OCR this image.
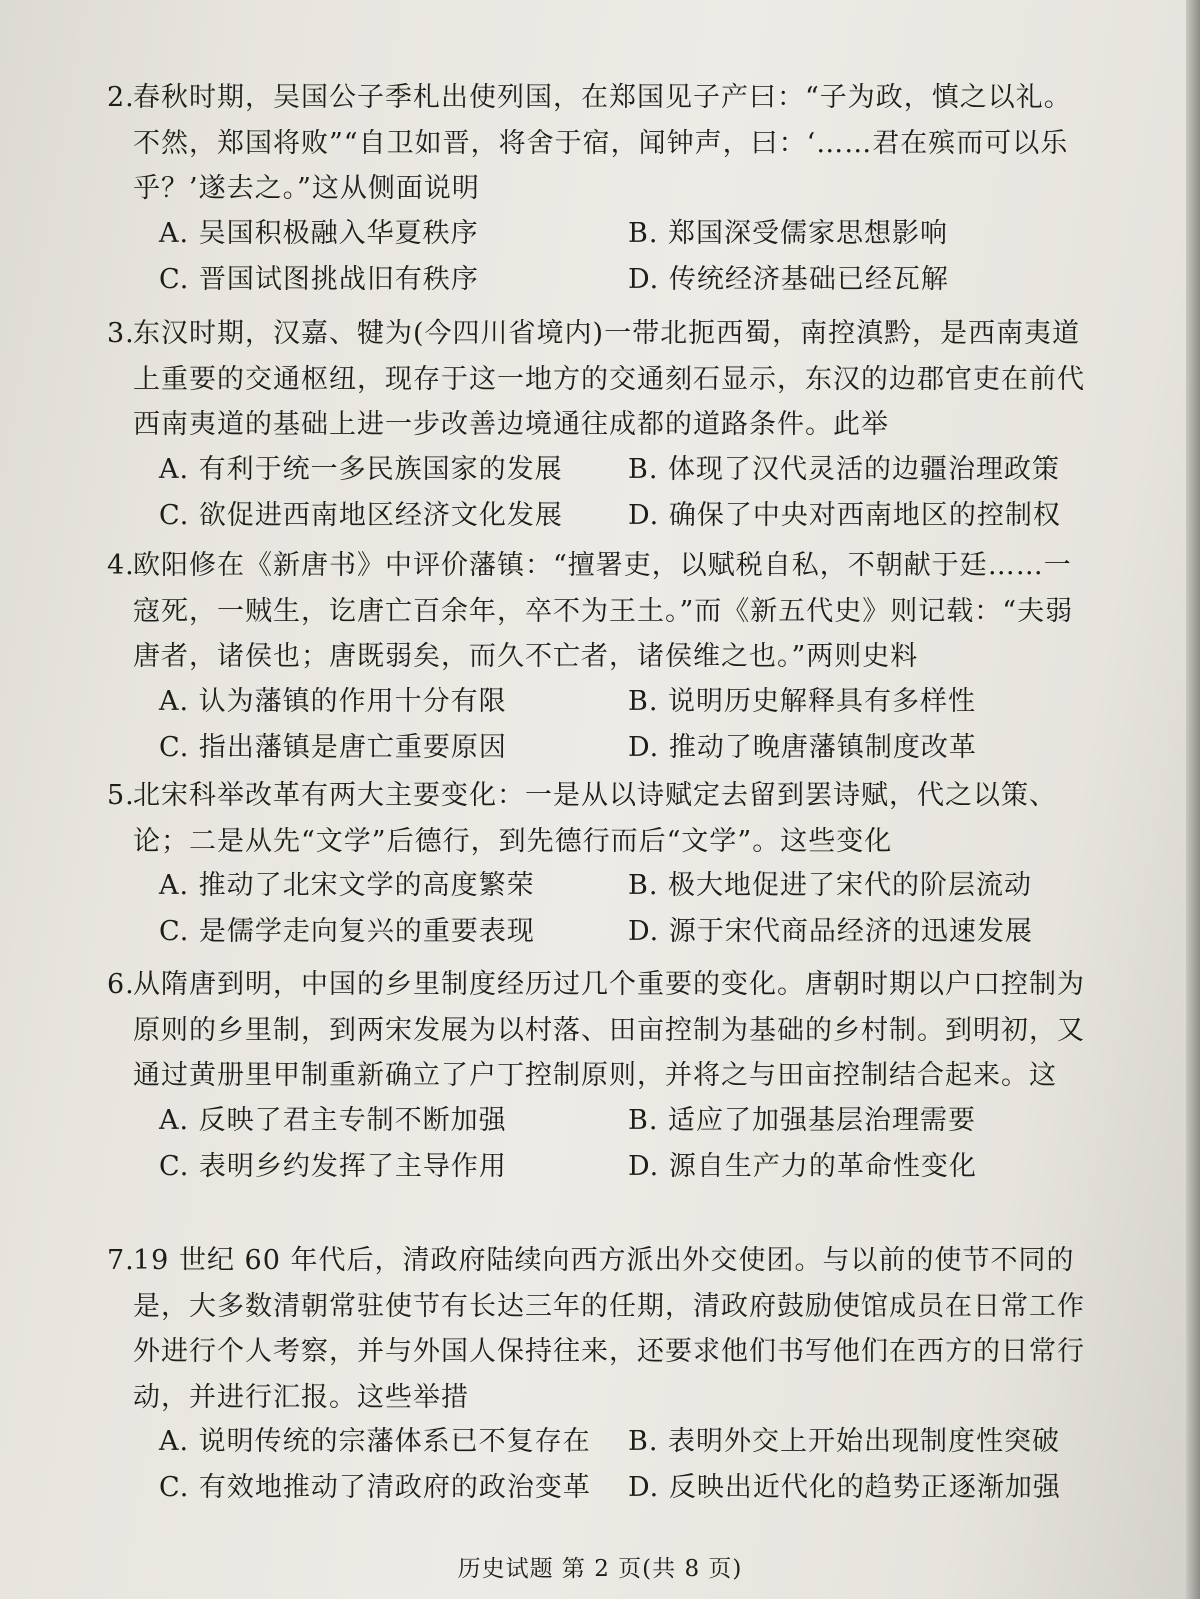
2.春秋时期，吴国公子季札出使列国，在郑国见子产曰：“子为政，慎之以礼。不然，郑国将败”“自卫如晋，将舍于宿，闻钟声，曰：‘……君在殡而可以乐乎？’遂去之。”这从侧面说明
A. 吴国积极融入华夏秩序	B. 郑国深受儒家思想影响
C. 晋国试图挑战旧有秩序	D. 传统经济基础已经瓦解
3.东汉时期，汉嘉、犍为(今四川省境内)一带北扼西蜀，南控滇黔，是西南夷道上重要的交通枢纽，现存于这一地方的交通刻石显示，东汉的边郡官吏在前代西南夷道的基础上进一步改善边境通往成都的道路条件。此举
A. 有利于统一多民族国家的发展 B. 体现了汉代灵活的边疆治理政策
C. 欲促进西南地区经济文化发展 D. 确保了中央对西南地区的控制权
4.欧阳修在《新唐书》中评价藩镇：“擅署吏，以赋税自私，不朝献于廷……一寇死，一贼生，讫唐亡百余年，卒不为王土。”而《新五代史》则记载：“夫弱唐者，诸侯也；唐既弱矣，而久不亡者，诸侯维之也。”两则史料
A. 认为藩镇的作用十分有限	B. 说明历史解释具有多样性
C. 指出藩镇是唐亡重要原因	D. 推动了晚唐藩镇制度改革
5.北宋科举改革有两大主要变化：一是从以诗赋定去留到罢诗赋，代之以策、论；二是从先“文学”后德行，到先德行而后“文学”。这些变化
A. 推动了北宋文学的高度繁荣	B. 极大地促进了宋代的阶层流动
C. 是儒学走向复兴的重要表现	D. 源于宋代商品经济的迅速发展
6.从隋唐到明，中国的乡里制度经历过几个重要的变化。唐朝时期以户口控制为原则的乡里制，到两宋发展为以村落、田亩控制为基础的乡村制。到明初，又通过黄册里甲制重新确立了户丁控制原则，并将之与田亩控制结合起来。这
A. 反映了君主专制不断加强	B. 适应了加强基层治理需要
C. 表明乡约发挥了主导作用	D. 源自生产力的革命性变化
7.19 世纪 60 年代后，清政府陆续向西方派出外交使团。与以前的使节不同的是，大多数清朝常驻使节有长达三年的任期，清政府鼓励使馆成员在日常工作外进行个人考察，并与外国人保持往来，还要求他们书写他们在西方的日常行动，并进行汇报。这些举措
A. 说明传统的宗藩体系已不复存在 B. 表明外交上开始出现制度性突破
C. 有效地推动了清政府的政治变革 D. 反映出近代化的趋势正逐渐加强
历史试题 第 2 页(共 8 页)
